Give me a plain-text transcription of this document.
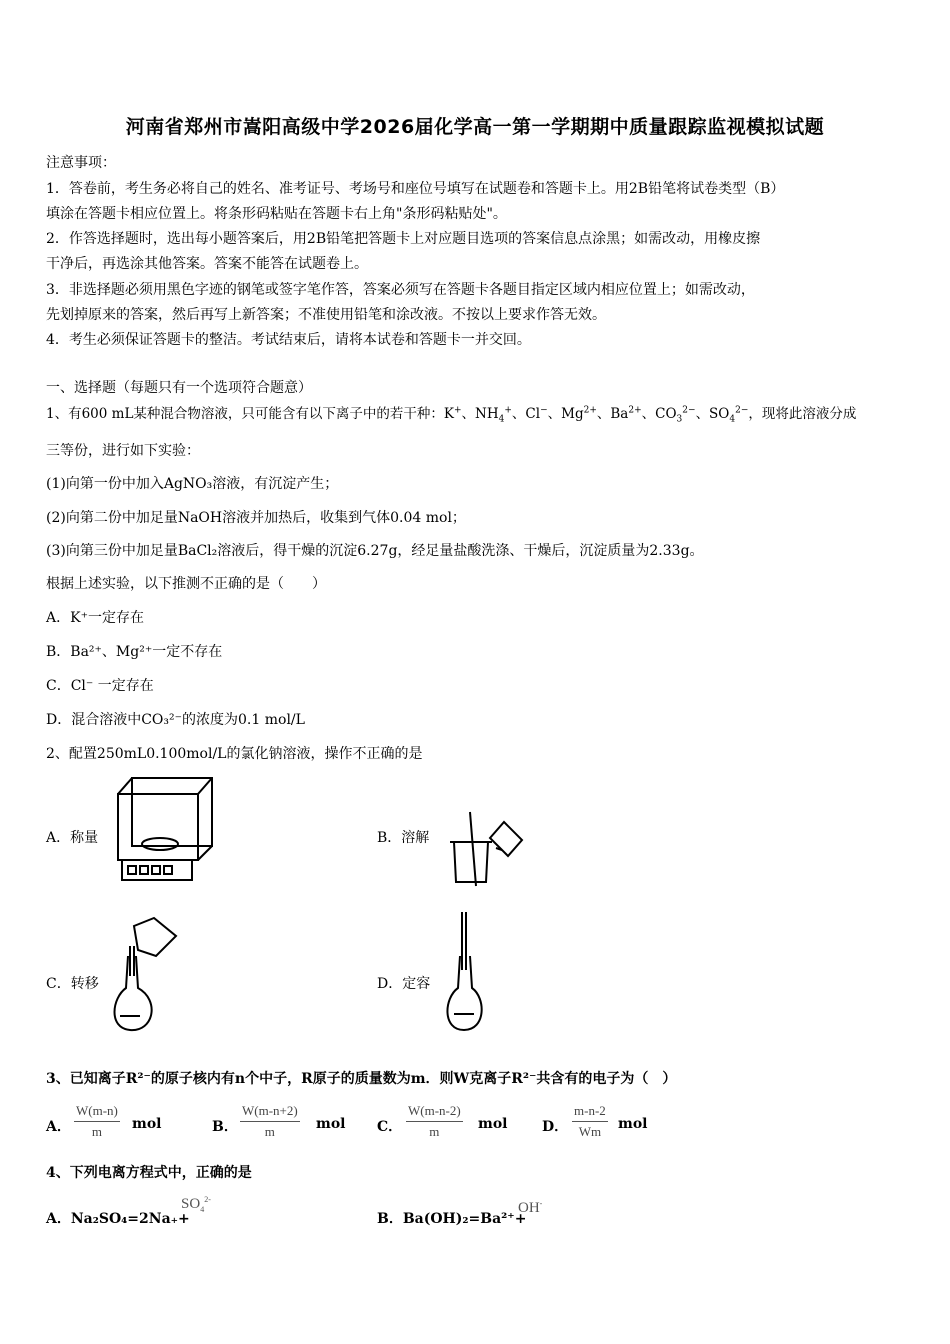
河南省郑州市嵩阳高级中学2026届化学高一第一学期期中质量跟踪监视模拟试题
注意事项：
1．答卷前，考生务必将自己的姓名、准考证号、考场号和座位号填写在试题卷和答题卡上。用2B铅笔将试卷类型（B）
填涂在答题卡相应位置上。将条形码粘贴在答题卡右上角"条形码粘贴处"。
2．作答选择题时，选出每小题答案后，用2B铅笔把答题卡上对应题目选项的答案信息点涂黑；如需改动，用橡皮擦
干净后，再选涂其他答案。答案不能答在试题卷上。
3．非选择题必须用黑色字迹的钢笔或签字笔作答，答案必须写在答题卡各题目指定区域内相应位置上；如需改动，
先划掉原来的答案，然后再写上新答案；不准使用铅笔和涂改液。不按以上要求作答无效。
4．考生必须保证答题卡的整洁。考试结束后，请将本试卷和答题卡一并交回。
一、选择题（每题只有一个选项符合题意）
1、有600 mL某种混合物溶液，只可能含有以下离子中的若干种：K+、$NH_4^+$、Cl−、$Mg^{2+}$、$Ba^{2+}$、$CO_3^{2-}$、$SO_4^{2-}$，现将此溶液分成
三等份，进行如下实验：
(1)向第一份中加入AgNO₃溶液，有沉淀产生；
(2)向第二份中加足量NaOH溶液并加热后，收集到气体0.04 mol；
(3)向第三份中加足量BaCl₂溶液后，得干燥的沉淀6.27g，经足量盐酸洗涤、干燥后，沉淀质量为2.33g。
根据上述实验，以下推测不正确的是（　　）
A．K⁺一定存在
B．Ba²⁺、Mg²⁺一定不存在
C．Cl⁻ 一定存在
D．混合溶液中CO₃²⁻的浓度为0.1 mol/L
2、配置250mL0.100mol/L的氯化钠溶液，操作不正确的是
A．称量	B．溶解
C．转移	D．定容
3、已知离子R²⁻的原子核内有n个中子，R原子的质量数为m．则W克离子R²⁻共含有的电子为（　）
A． $\frac{W(m-n)}{m}$ mol	B． $\frac{W(m-n+2)}{m}$ mol C． $\frac{W(m-n-2)}{m}$ mol D． $\frac{m-n-2}{Wm}$ mol
4、下列电离方程式中，正确的是
A．Na₂SO₄=2Na₊+
$SO_4^{2-}$
B．Ba(OH)₂=Ba²⁺+
OH-
